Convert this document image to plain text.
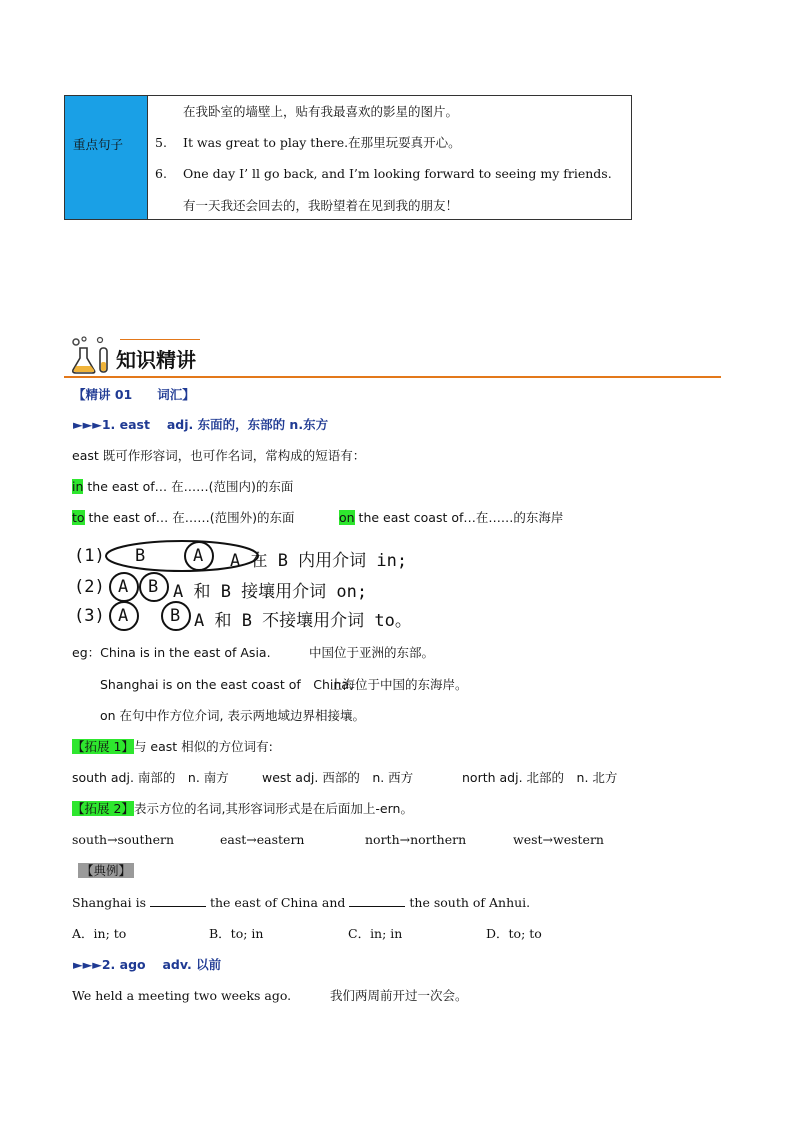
重点句子
在我卧室的墙壁上，贴有我最喜欢的影星的图片。
5. It was great to play there.在那里玩耍真开心。
6. One day I’ ll go back, and I’m looking forward to seeing my friends.
有一天我还会回去的，我盼望着在见到我的朋友！
知识精讲
【精讲 01　　词汇】
►►►1. east　 adj. 东面的，东部的 n.东方
east 既可作形容词，也可作名词，常构成的短语有：
in the east of… 在……(范围内)的东面
to the east of… 在……(范围外)的东面	on the east coast of…在……的东海岸
(1) B	A A 在 B 内用介词 in;
(2) A B A 和 B 接壤用介词 on;
(3) A B A 和 B 不接壤用介词 to。
eg：China is in the east of Asia.	中国位于亚洲的东部。
Shanghai is on the east coast of　China.
上海位于中国的东海岸。
on 在句中作方位介词, 表示两地域边界相接壤。
【拓展 1】与 east 相似的方位词有:
south adj. 南部的　n. 南方	west adj. 西部的　n. 西方	north adj. 北部的　n. 北方
【拓展 2】表示方位的名词,其形容词形式是在后面加上-ern。
south→southern	east→eastern	north→northern	west→western
【典例】
Shanghai is	the east of China and	the south of Anhui.
A．in; to	B．to; in	C．in; in	D．to; to
►►►2. ago　 adv. 以前
We held a meeting two weeks ago.	我们两周前开过一次会。
